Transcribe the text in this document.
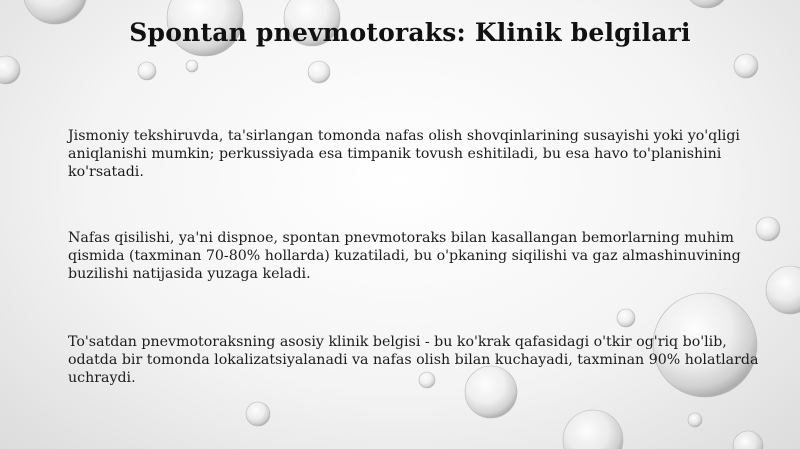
Spontan pnevmotoraks: Klinik belgilari
Jismoniy tekshiruvda, ta'sirlangan tomonda nafas olish shovqinlarining susayishi yoki yo'qligi aniqlanishi mumkin; perkussiyada esa timpanik tovush eshitiladi, bu esa havo to'planishini ko'rsatadi.
Nafas qisilishi, ya'ni dispnoe, spontan pnevmotoraks bilan kasallangan bemorlarning muhim qismida (taxminan 70-80% hollarda) kuzatiladi, bu o'pkaning siqilishi va gaz almashinuvining buzilishi natijasida yuzaga keladi.
To'satdan pnevmotoraksning asosiy klinik belgisi - bu ko'krak qafasidagi o'tkir og'riq bo'lib, odatda bir tomonda lokalizatsiyalanadi va nafas olish bilan kuchayadi, taxminan 90% holatlarda uchraydi.
